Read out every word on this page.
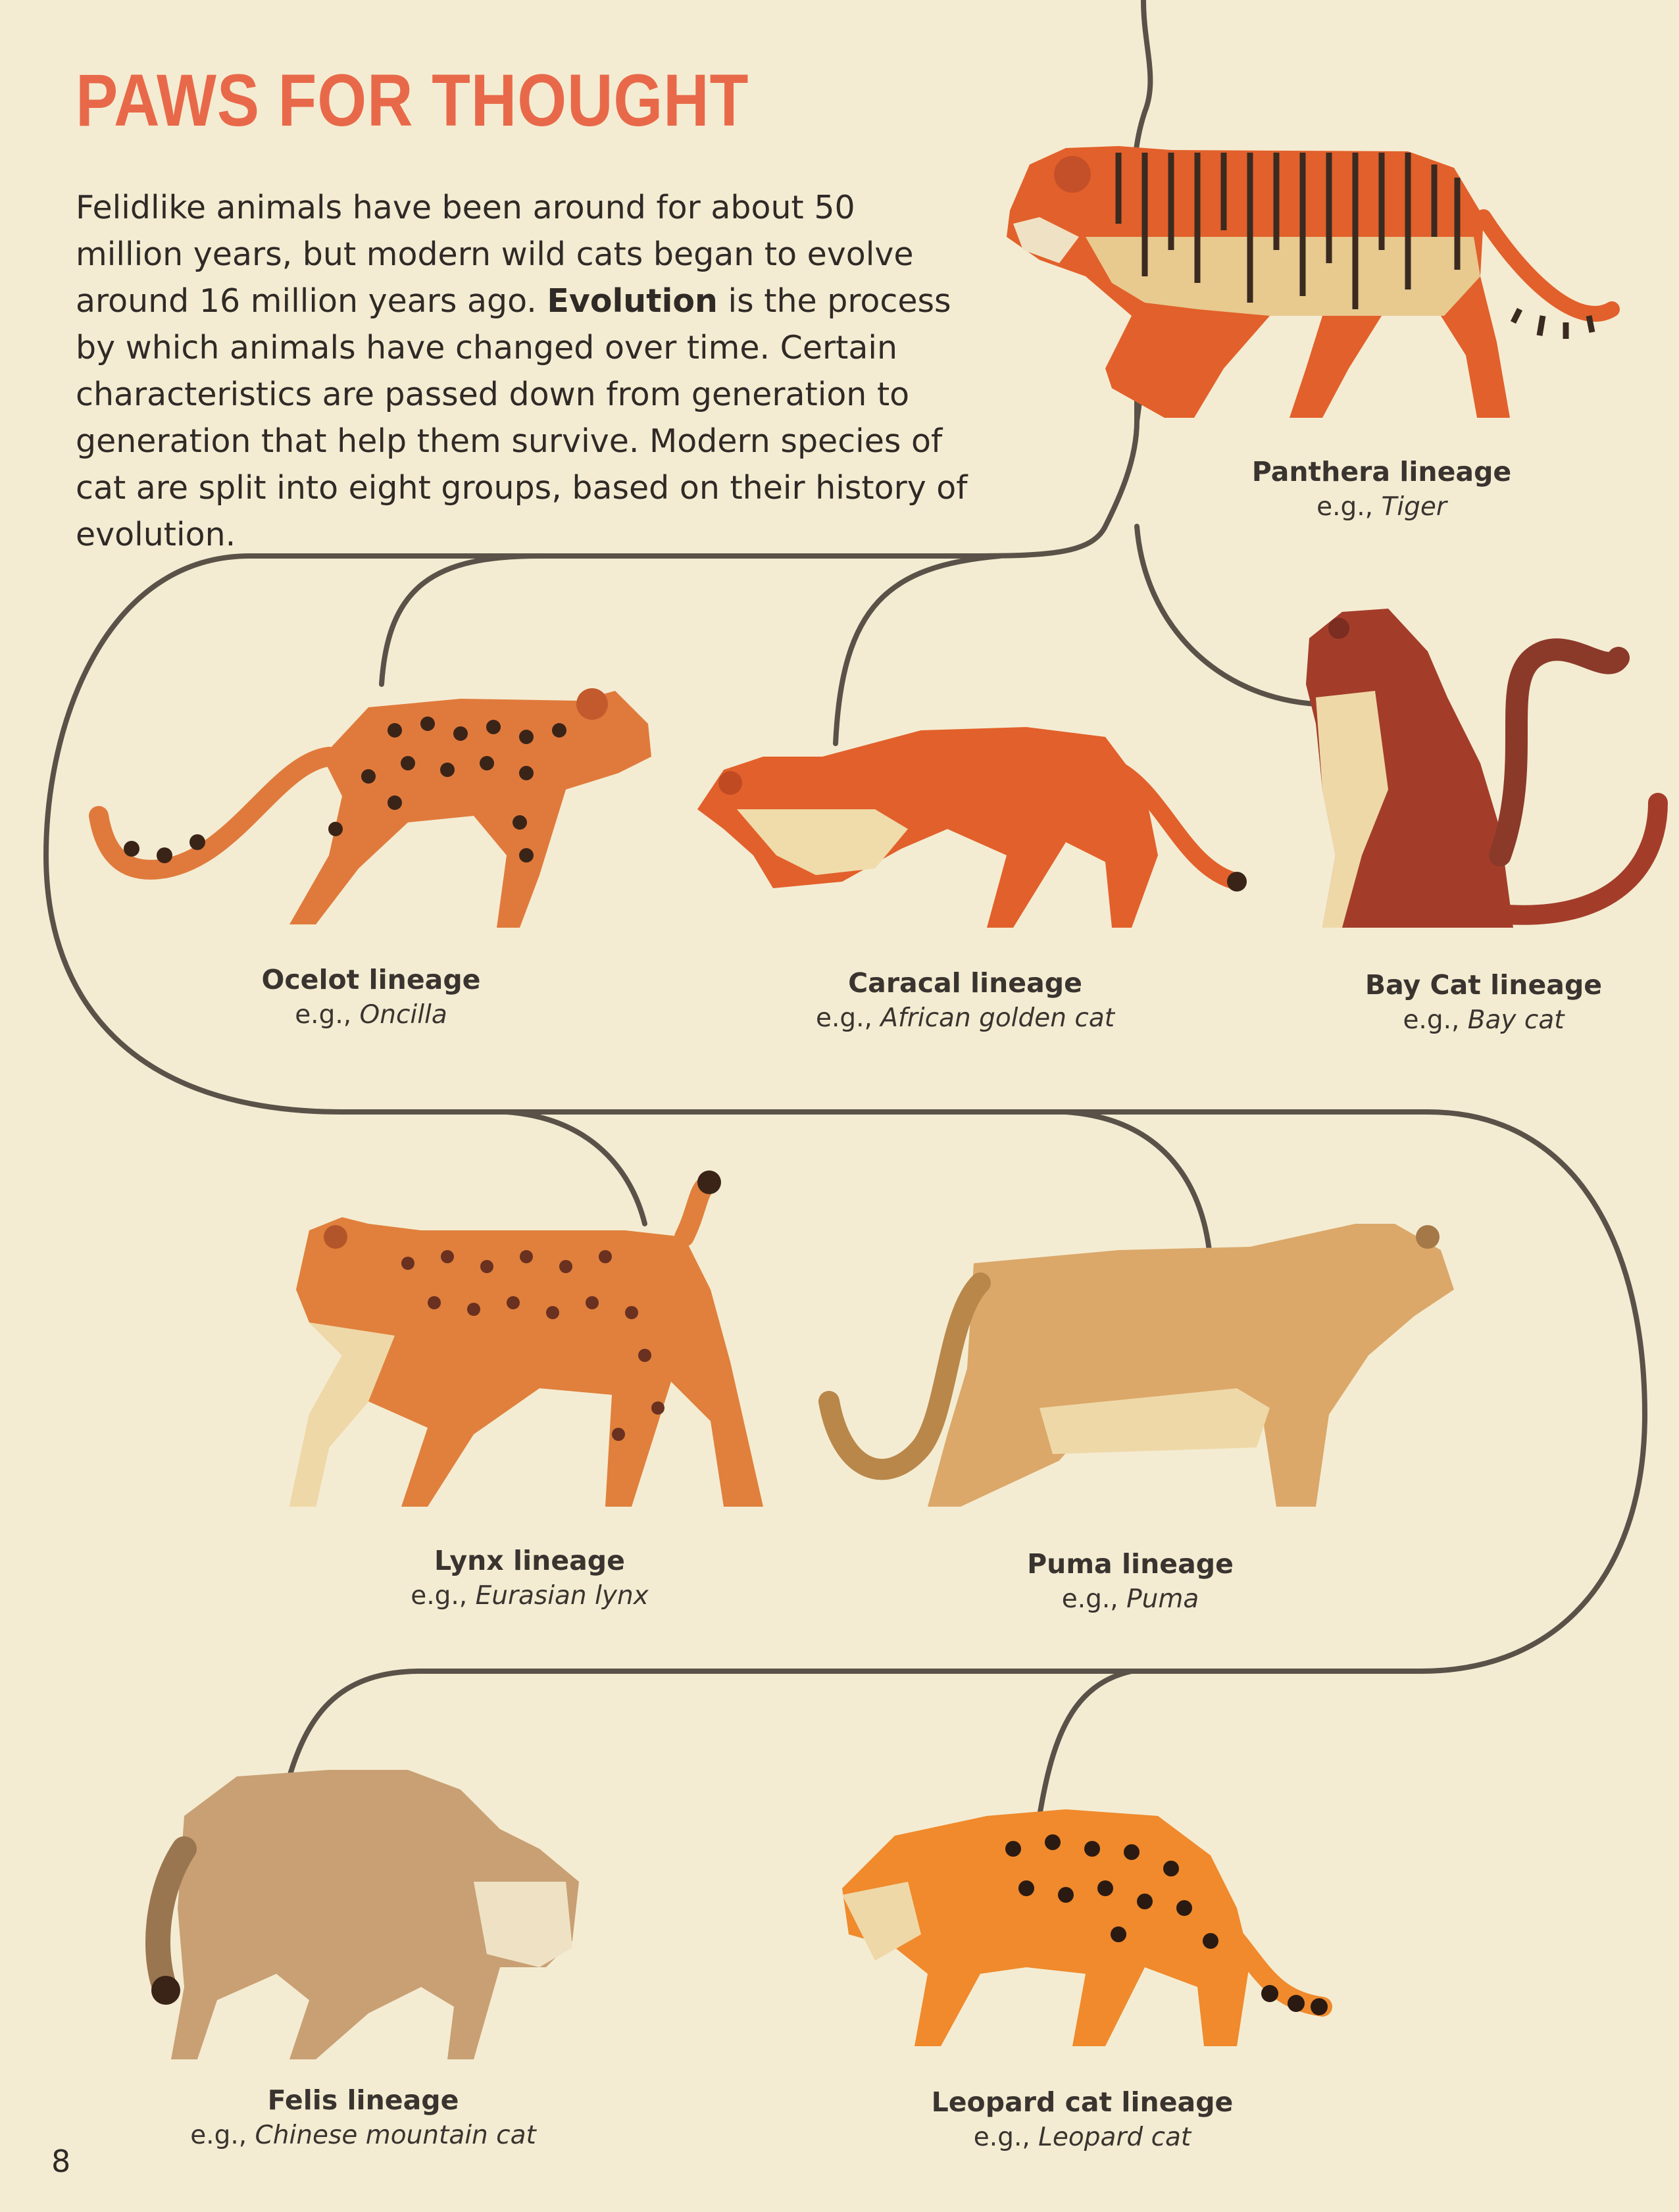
PAWS FOR THOUGHT

Felidlike animals have been around for about 50 million years, but modern wild cats began to evolve around 16 million years ago. Evolution is the process by which animals have changed over time. Certain characteristics are passed down from generation to generation that help them survive. Modern species of cat are split into eight groups, based on their history of evolution.

Panthera lineage
e.g., Tiger
Ocelot lineage
e.g., Oncilla
Caracal lineage
e.g., African golden cat
Bay Cat lineage
e.g., Bay cat
Lynx lineage
e.g., Eurasian lynx
Puma lineage
e.g., Puma
Felis lineage
e.g., Chinese mountain cat
Leopard cat lineage
e.g., Leopard cat
8
